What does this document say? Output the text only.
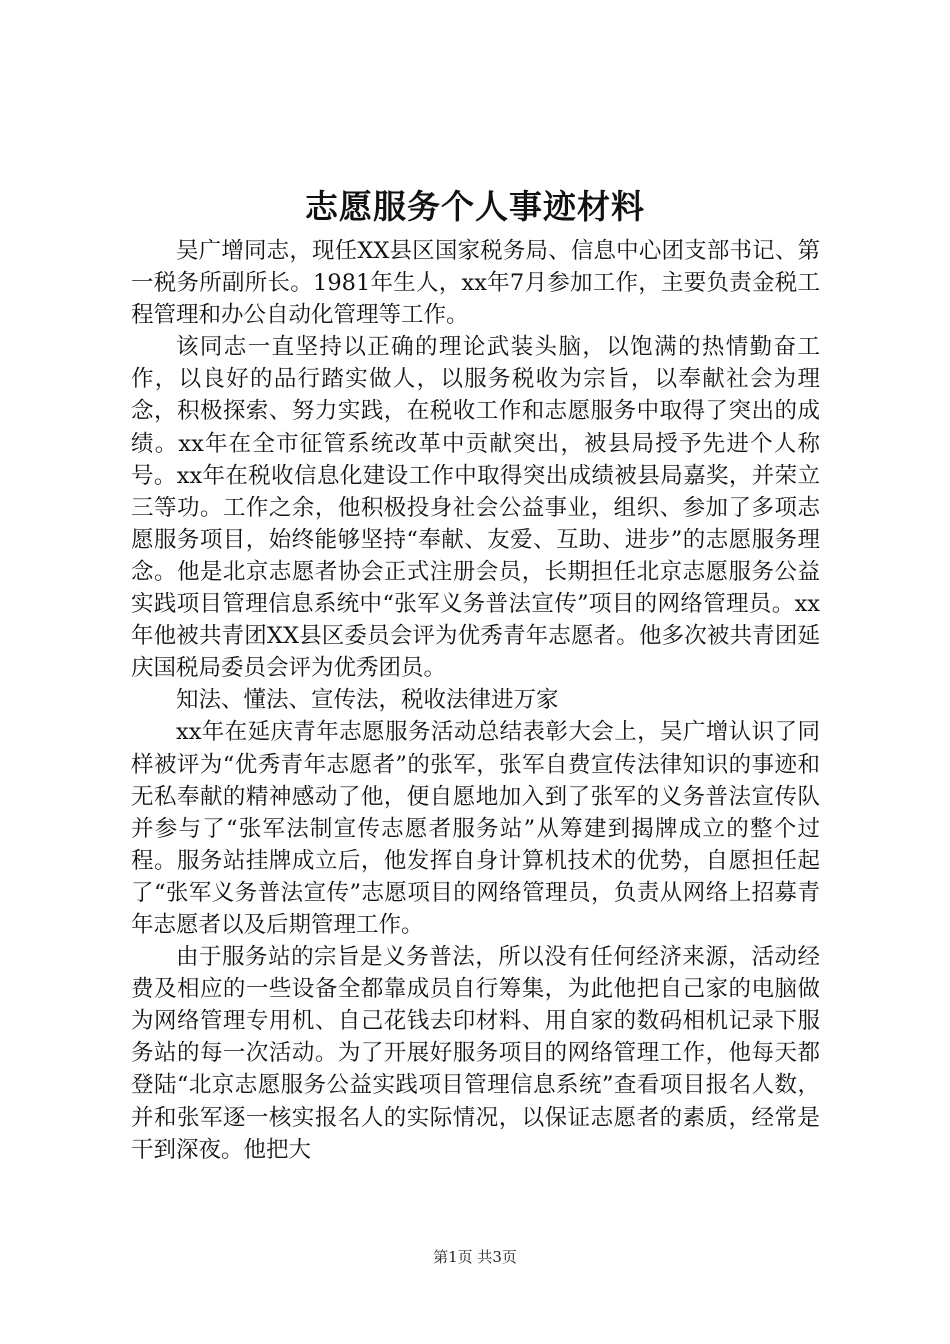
志愿服务个人事迹材料

吴广增同志，现任XX县区国家税务局、信息中心团支部书记、第一税务所副所长。1981年生人，xx年7月参加工作，主要负责金税工程管理和办公自动化管理等工作。

该同志一直坚持以正确的理论武装头脑，以饱满的热情勤奋工作，以良好的品行踏实做人，以服务税收为宗旨，以奉献社会为理念，积极探索、努力实践，在税收工作和志愿服务中取得了突出的成绩。xx年在全市征管系统改革中贡献突出，被县局授予先进个人称号。xx年在税收信息化建设工作中取得突出成绩被县局嘉奖，并荣立三等功。工作之余，他积极投身社会公益事业，组织、参加了多项志愿服务项目，始终能够坚持“奉献、友爱、互助、进步”的志愿服务理念。他是北京志愿者协会正式注册会员，长期担任北京志愿服务公益实践项目管理信息系统中“张军义务普法宣传”项目的网络管理员。xx年他被共青团XX县区委员会评为优秀青年志愿者。他多次被共青团延庆国税局委员会评为优秀团员。

知法、懂法、宣传法，税收法律进万家

xx年在延庆青年志愿服务活动总结表彰大会上，吴广增认识了同样被评为“优秀青年志愿者”的张军，张军自费宣传法律知识的事迹和无私奉献的精神感动了他，便自愿地加入到了张军的义务普法宣传队并参与了“张军法制宣传志愿者服务站”从筹建到揭牌成立的整个过程。服务站挂牌成立后，他发挥自身计算机技术的优势，自愿担任起了“张军义务普法宣传”志愿项目的网络管理员，负责从网络上招募青年志愿者以及后期管理工作。

由于服务站的宗旨是义务普法，所以没有任何经济来源，活动经费及相应的一些设备全都靠成员自行筹集，为此他把自己家的电脑做为网络管理专用机、自己花钱去印材料、用自家的数码相机记录下服务站的每一次活动。为了开展好服务项目的网络管理工作，他每天都登陆“北京志愿服务公益实践项目管理信息系统”查看项目报名人数，并和张军逐一核实报名人的实际情况，以保证志愿者的素质，经常是干到深夜。他把大

第1页 共3页
